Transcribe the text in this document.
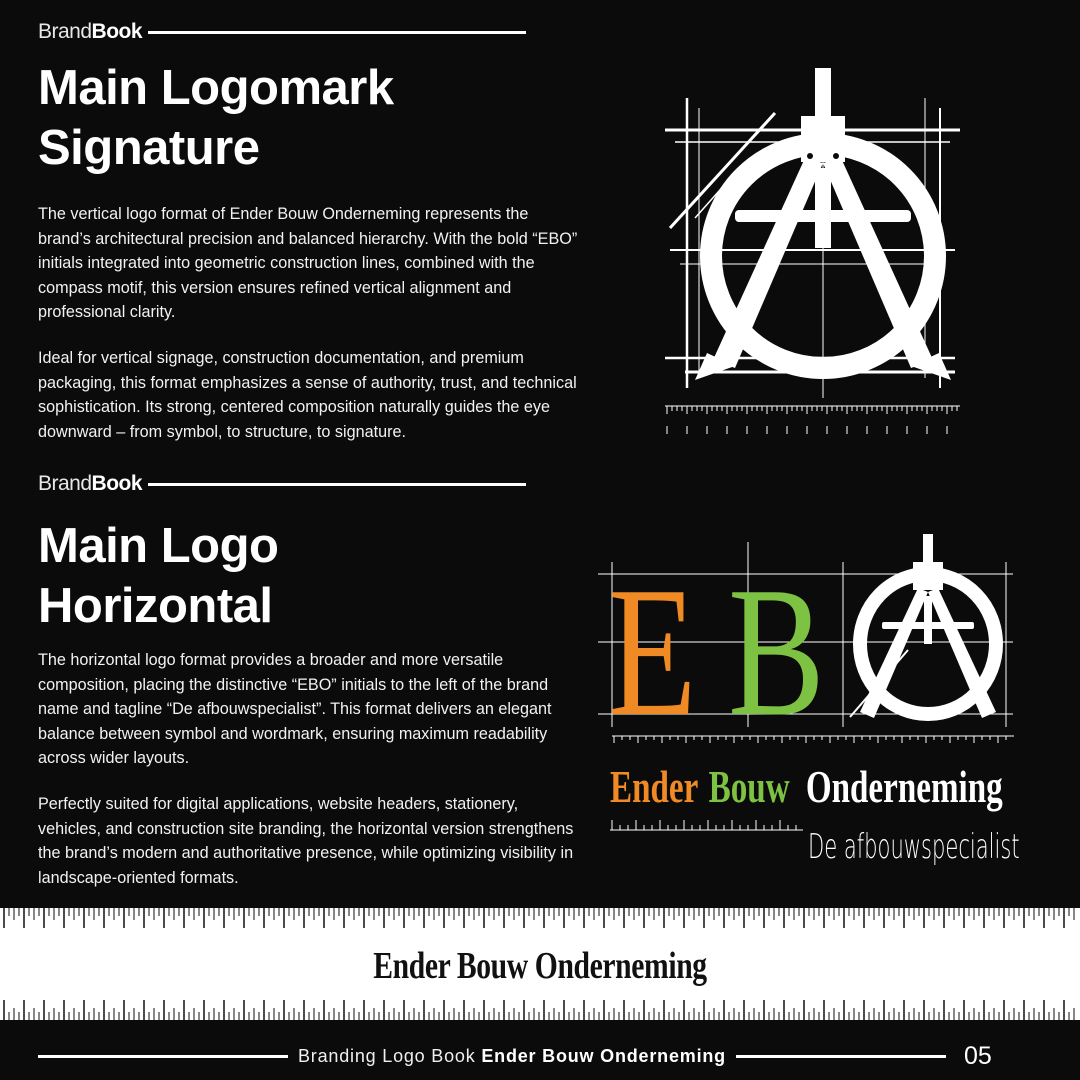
BrandBook
Main Logomark
Signature

The vertical logo format of Ender Bouw Onderneming represents the brand’s architectural precision and balanced hierarchy. With the bold “EBO” initials integrated into geometric construction lines, combined with the compass motif, this version ensures refined vertical alignment and professional clarity.

Ideal for vertical signage, construction documentation, and premium packaging, this format emphasizes a sense of authority, trust, and technical sophistication. Its strong, centered composition naturally guides the eye downward – from symbol, to structure, to signature.

BrandBook
Main Logo
Horizontal

The horizontal logo format provides a broader and more versatile composition, placing the distinctive “EBO” initials to the left of the brand name and tagline “De afbouwspecialist”. This format delivers an elegant balance between symbol and wordmark, ensuring maximum readability across wider layouts.

Perfectly suited for digital applications, website headers, stationery, vehicles, and construction site branding, the horizontal version strengthens the brand’s modern and authoritative presence, while optimizing visibility in landscape-oriented formats.

E B
Ender Bouw Onderneming
De afbouwspecialist
Ender Bouw Onderneming
Branding Logo Book Ender Bouw Onderneming	05
